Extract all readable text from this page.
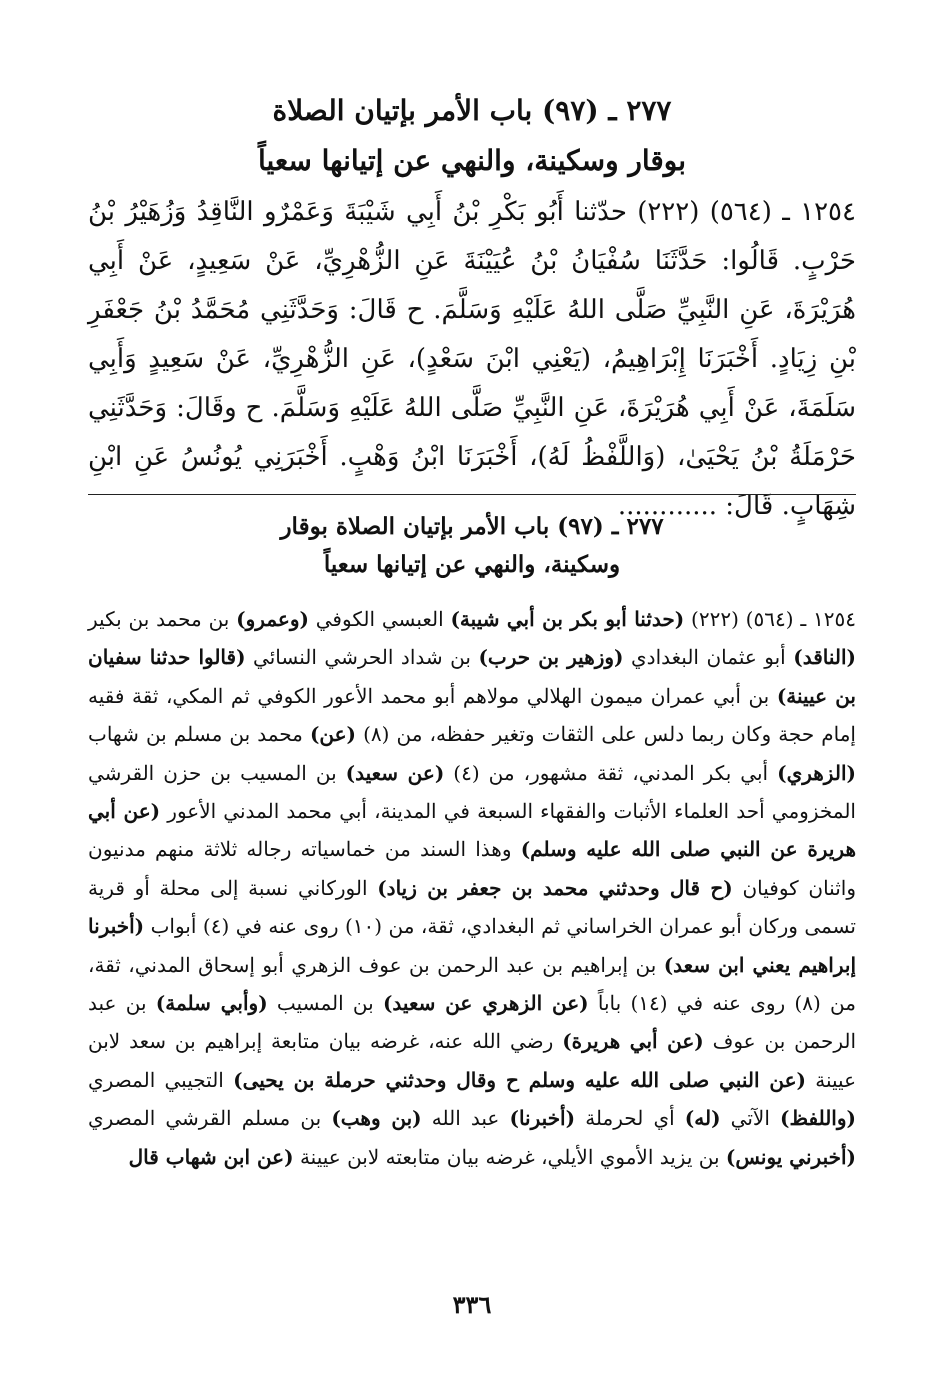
٢٧٧ ـ (٩٧) باب الأمر بإتيان الصلاة
بوقار وسكينة، والنهي عن إتيانها سعياً
١٢٥٤ ـ (٥٦٤) (٢٢٢) حدّثنا أَبُو بَكْرِ بْنُ أَبِي شَيْبَةَ وَعَمْرٌو النَّاقِدُ وَزُهَيْرُ بْنُ حَرْبٍ. قَالُوا: حَدَّثَنَا سُفْيَانُ بْنُ عُيَيْنَةَ عَنِ الزُّهْرِيِّ، عَنْ سَعِيدٍ، عَنْ أَبِي هُرَيْرَةَ، عَنِ النَّبِيِّ صَلَّى اللهُ عَلَيْهِ وَسَلَّمَ. ح قَالَ: وَحَدَّثَنِي مُحَمَّدُ بْنُ جَعْفَرِ بْنِ زِيَادٍ. أَخْبَرَنَا إِبْرَاهِيمُ، (يَعْنِي ابْنَ سَعْدٍ)، عَنِ الزُّهْرِيِّ، عَنْ سَعِيدٍ وَأَبِي سَلَمَةَ، عَنْ أَبِي هُرَيْرَةَ، عَنِ النَّبِيِّ صَلَّى اللهُ عَلَيْهِ وَسَلَّمَ. ح وقَالَ: وَحَدَّثَنِي حَرْمَلَةُ بْنُ يَحْيَىٰ، (وَاللَّفْظُ لَهُ)، أَخْبَرَنَا ابْنُ وَهْبٍ. أَخْبَرَنِي يُونُسُ عَنِ ابْنِ شِهَابٍ. قَالَ: ............
٢٧٧ ـ (٩٧) باب الأمر بإتيان الصلاة بوقار
وسكينة، والنهي عن إتيانها سعياً
١٢٥٤ ـ (٥٦٤) (٢٢٢) (حدثنا أبو بكر بن أبي شيبة) العبسي الكوفي (وعمرو) بن محمد بن بكير (الناقد) أبو عثمان البغدادي (وزهير بن حرب) بن شداد الحرشي النسائي (قالوا حدثنا سفيان بن عيينة) بن أبي عمران ميمون الهلالي مولاهم أبو محمد الأعور الكوفي ثم المكي، ثقة فقيه إمام حجة وكان ربما دلس على الثقات وتغير حفظه، من (٨) (عن) محمد بن مسلم بن شهاب (الزهري) أبي بكر المدني، ثقة مشهور، من (٤) (عن سعيد) بن المسيب بن حزن القرشي المخزومي أحد العلماء الأثبات والفقهاء السبعة في المدينة، أبي محمد المدني الأعور (عن أبي هريرة عن النبي صلى الله عليه وسلم) وهذا السند من خماسياته رجاله ثلاثة منهم مدنيون واثنان كوفيان (ح قال وحدثني محمد بن جعفر بن زياد) الوركاني نسبة إلى محلة أو قرية تسمى وركان أبو عمران الخراساني ثم البغدادي، ثقة، من (١٠) روى عنه في (٤) أبواب (أخبرنا إبراهيم يعني ابن سعد) بن إبراهيم بن عبد الرحمن بن عوف الزهري أبو إسحاق المدني، ثقة، من (٨) روى عنه في (١٤) باباً (عن الزهري عن سعيد) بن المسيب (وأبي سلمة) بن عبد الرحمن بن عوف (عن أبي هريرة) رضي الله عنه، غرضه بيان متابعة إبراهيم بن سعد لابن عيينة (عن النبي صلى الله عليه وسلم ح وقال وحدثني حرملة بن يحيى) التجيبي المصري (واللفظ) الآتي (له) أي لحرملة (أخبرنا) عبد الله (بن وهب) بن مسلم القرشي المصري (أخبرني يونس) بن يزيد الأموي الأيلي، غرضه بيان متابعته لابن عيينة (عن ابن شهاب قال
٣٣٦
